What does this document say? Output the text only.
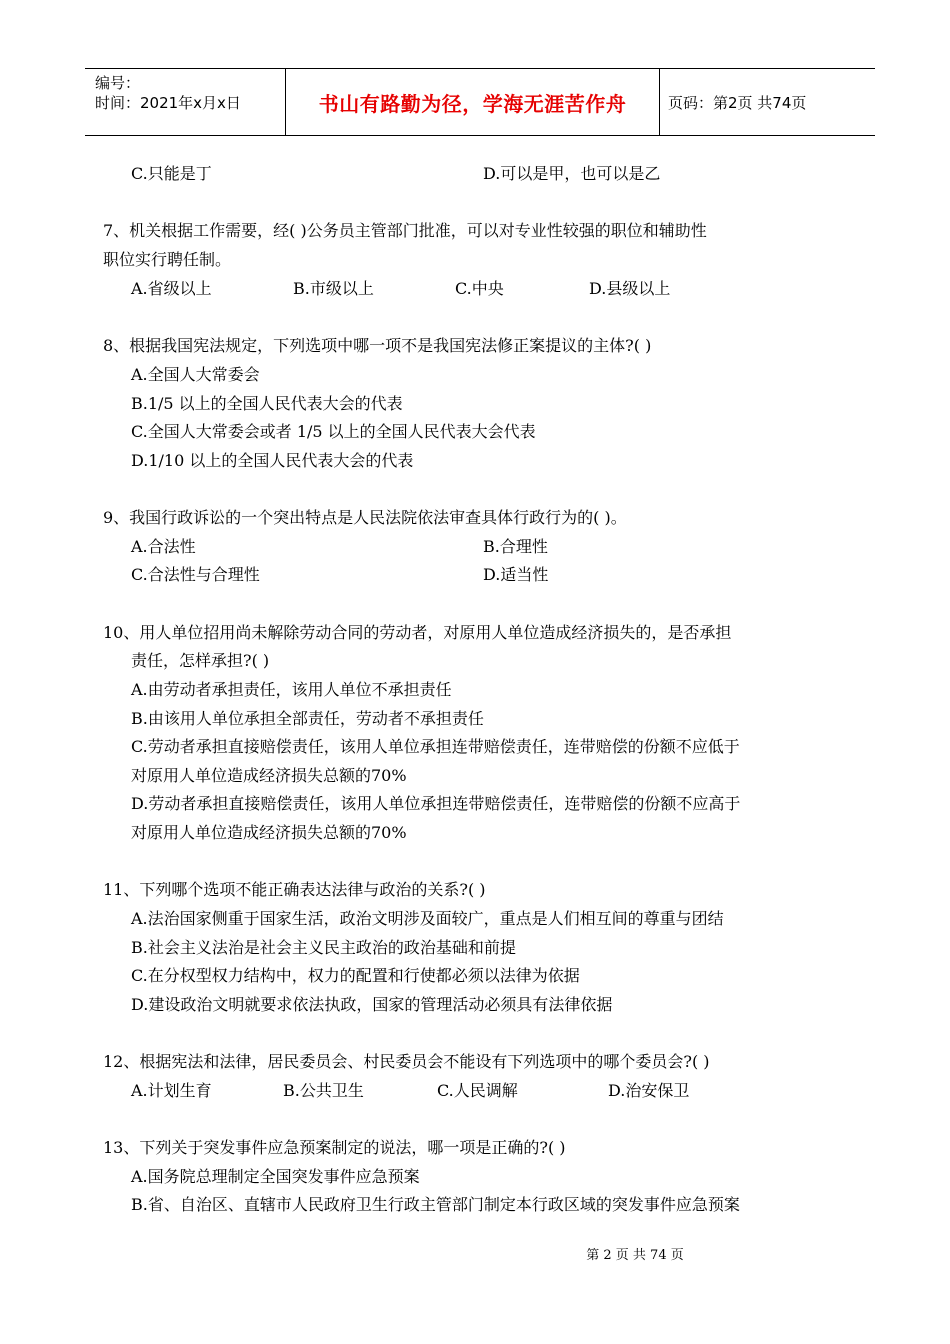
编号：
时间：2021年x月x日	书山有路勤为径，学海无涯苦作舟	页码：第2页 共74页
C.只能是丁	D.可以是甲，也可以是乙
7、机关根据工作需要，经( )公务员主管部门批准，可以对专业性较强的职位和辅助性
职位实行聘任制。
A.省级以上	B.市级以上	C.中央	D.县级以上
8、根据我国宪法规定，下列选项中哪一项不是我国宪法修正案提议的主体?( )
A.全国人大常委会
B.1/5 以上的全国人民代表大会的代表
C.全国人大常委会或者 1/5 以上的全国人民代表大会代表
D.1/10 以上的全国人民代表大会的代表
9、我国行政诉讼的一个突出特点是人民法院依法审查具体行政行为的( )。
A.合法性	B.合理性
C.合法性与合理性	D.适当性
10、用人单位招用尚未解除劳动合同的劳动者，对原用人单位造成经济损失的，是否承担
责任，怎样承担?( )
A.由劳动者承担责任，该用人单位不承担责任
B.由该用人单位承担全部责任，劳动者不承担责任
C.劳动者承担直接赔偿责任，该用人单位承担连带赔偿责任，连带赔偿的份额不应低于
对原用人单位造成经济损失总额的70%
D.劳动者承担直接赔偿责任，该用人单位承担连带赔偿责任，连带赔偿的份额不应高于
对原用人单位造成经济损失总额的70%
11、下列哪个选项不能正确表达法律与政治的关系?( )
A.法治国家侧重于国家生活，政治文明涉及面较广，重点是人们相互间的尊重与团结
B.社会主义法治是社会主义民主政治的政治基础和前提
C.在分权型权力结构中，权力的配置和行使都必须以法律为依据
D.建设政治文明就要求依法执政，国家的管理活动必须具有法律依据
12、根据宪法和法律，居民委员会、村民委员会不能设有下列选项中的哪个委员会?( )
A.计划生育	B.公共卫生	C.人民调解	D.治安保卫
13、下列关于突发事件应急预案制定的说法，哪一项是正确的?( )
A.国务院总理制定全国突发事件应急预案
B.省、自治区、直辖市人民政府卫生行政主管部门制定本行政区域的突发事件应急预案
第 2 页 共 74 页
